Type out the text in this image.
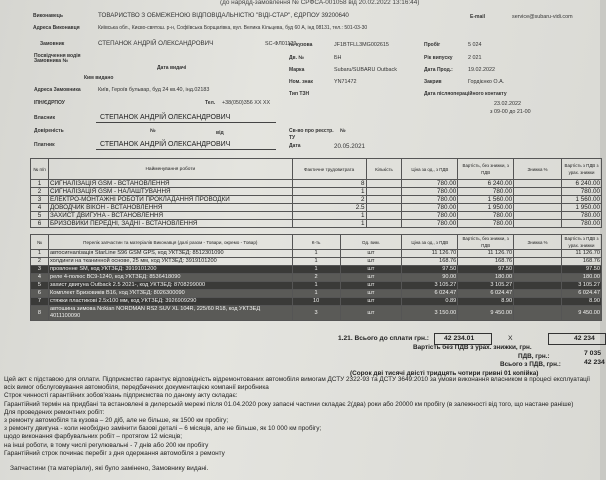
(до нарядд-замовлення № СРФСА-001058 від 20.02.2022 13:16:44)
Виконавець	ТОВАРИСТВО З ОБМЕЖЕНОЮ ВІДПОВІДАЛЬНІСТЮ "ВІДІ-СТАР", ЄДРПОУ 39200640	E-mail	service@subaru-vidi.com
Адреса Виконавця	Київська обл., Києво-святош. р-н, Софіївська Борщагівка, вул. Велика Кільцева, буд 60 А, інд 08131, тел.: 501-03-30
Замовник	СТЕПАНОК АНДРІЙ ОЛЕКСАНДРОВИЧ	SC-ФЛ01129
Посвідчення водія Замовника №
Дата видачі
Ким видано
Адреса Замовника	Київ, Героїв бульвар, буд 24 кв.40, інд.02183
ІПН/ЄДРПОУ	Тел. +38(050)356 XX XX
Власник	СТЕПАНОК АНДРІЙ ОЛЕКСАНДРОВИЧ
Довіреність	№	від
Платник	СТЕПАНОК АНДРІЙ ОЛЕКСАНДРОВИЧ
№ кузова	JF1BTFLL3MG002615	Пробіг	5 024
Дв. №	БН	Рік випуску	2 021
Марка	Subaru/SUBARU Outback	Дата Прод.:	19.02.2022
Ном. знак	YN71472	Закрив	Гордієнко О.А.
Тип ТЗН	Дата післяопераційного контакту
23.02.2022
з 09-00 до 21-00
Св-во про реєстр. №
ТУ
Дата	20.05.2021
№ п/п	Найменування роботи	Фактичне трудовитрата	Кількість	Ціна за од., з ПДВ	Вартість, без знижки, з ПДВ	Знижка %	Вартість з ПДВ з урах. знижки
1	СИГНАЛІЗАЦІЯ GSM - ВСТАНОВЛЕННЯ	8		780.00	6 240.00		6 240.00
2	СИГНАЛІЗАЦІЯ GSM - НАЛАШТУВАННЯ	1		780.00	780.00		780.00
3	ЕЛЕКТРО-МОНТАЖНІ РОБОТИ ПРОКЛАДАННЯ ПРОВОДКИ	2		780.00	1 560.00		1 560.00
4	ДОВОДЧИК ВІКОН - ВСТАНОВЛЕННЯ	2.5		780.00	1 950.00		1 950.00
5	ЗАХИСТ ДВИГУНА - ВСТАНОВЛЕННЯ	1		780.00	780.00		780.00
6	БРИЗОВИКИ ПЕРЕДНІ, ЗАДНІ - ВСТАНОВЛЕННЯ	1		780.00	780.00		780.00
№	Перелік запчастин та матеріалів Виконавця (далі разом - Товари, окремо - Товар)	К-ть	Од. вим.	Ціна за од., з ПДВ	Вартість, без знижки, з ПДВ	Знижка %	Вартість з ПДВ з урах. знижки
1	автосигналізація StarLine S96 GSM GPS, код УКТЗЕД: 8512301090	1	шт	11 126.70	11 126.70		11 126.70
2	холдинги на тканинной основе, 25 мм, код УКТЗЕД: 3919101200	1	шт	168.76	168.76		168.76
3	провлонне SM, код УКТЗЕД: 3919101200	1	шт	97.50	97.50		97.50
4	реле 4-полюс ВС9-1240, код УКТЗЕД: 8536418090	2	шт	90.00	180.00		180.00
5	захист двигуна Outback 2.5 2021-, код УКТЗЕД: 8708299000	1	шт	3 105.27	3 105.27		3 105.27
6	Комплект Бризовиків B16, код УКТЗЕД: 8026300090	1	шт	6 024.47	6 024.47		6 024.47
7	стяжки пластикові 2.5х100 мм, код УКТЗЕД: 3926909290	10	шт	0.89	8.90		8.90
8	автошина зимова Nokian NORDMAN RS2 SUV XL 104R, 225/60 R18, код УКТЗЕД 4011100090	3	шт	3 150.00	9 450.00		9 450.00
1.21. Всього до сплати грн.: 42 234.01	X	42 234
Вартість без ПДВ з урах. знижки, грн.
ПДВ, грн.:	7 035
Всього з ПДВ, грн.:	42 234
(Сорок дві тисячі двісті тридцять чотири гривні 01 копійка)
Цей акт є підставою для оплати. Підприємство гарантує відповідність відремонтованих автомобіля вимогам ДСТУ 2322-93 та ДСТУ 3649:2010 за умови виконання власником в процесі експлуатації
всіх вимог обслуговування автомобіля, передбачених документацією компанії виробника
Строк чинності гарантійних зобов'язань підприємства по даному акту складає:
Гарантійний термін на придбані та встановлені в дилерській мережі після 01.04.2020 року запасні частини складає 2(два) роки або 20000 км пробігу (в залежності від того, що настане раніше)
Для проведених ремонтних робіт:
з ремонту автомобіля та кузова – 20 діб, але не більше, як 1500 км пробігу;
з ремонту двигуна - коли необхідно замінити базові деталі – 6 місяців, але не більше, як 10 000 км пробігу;
щодо виконання фарбувальних робіт – протягом 12 місяців;
на інші роботи, в тому числі регулювальні - 7 днів або 200 км пробігу
Гарантійний строк починає перебіг з дня одержання автомобіля з ремонту
Запчастини (та матеріали), які було замінено, Замовнику видані.
